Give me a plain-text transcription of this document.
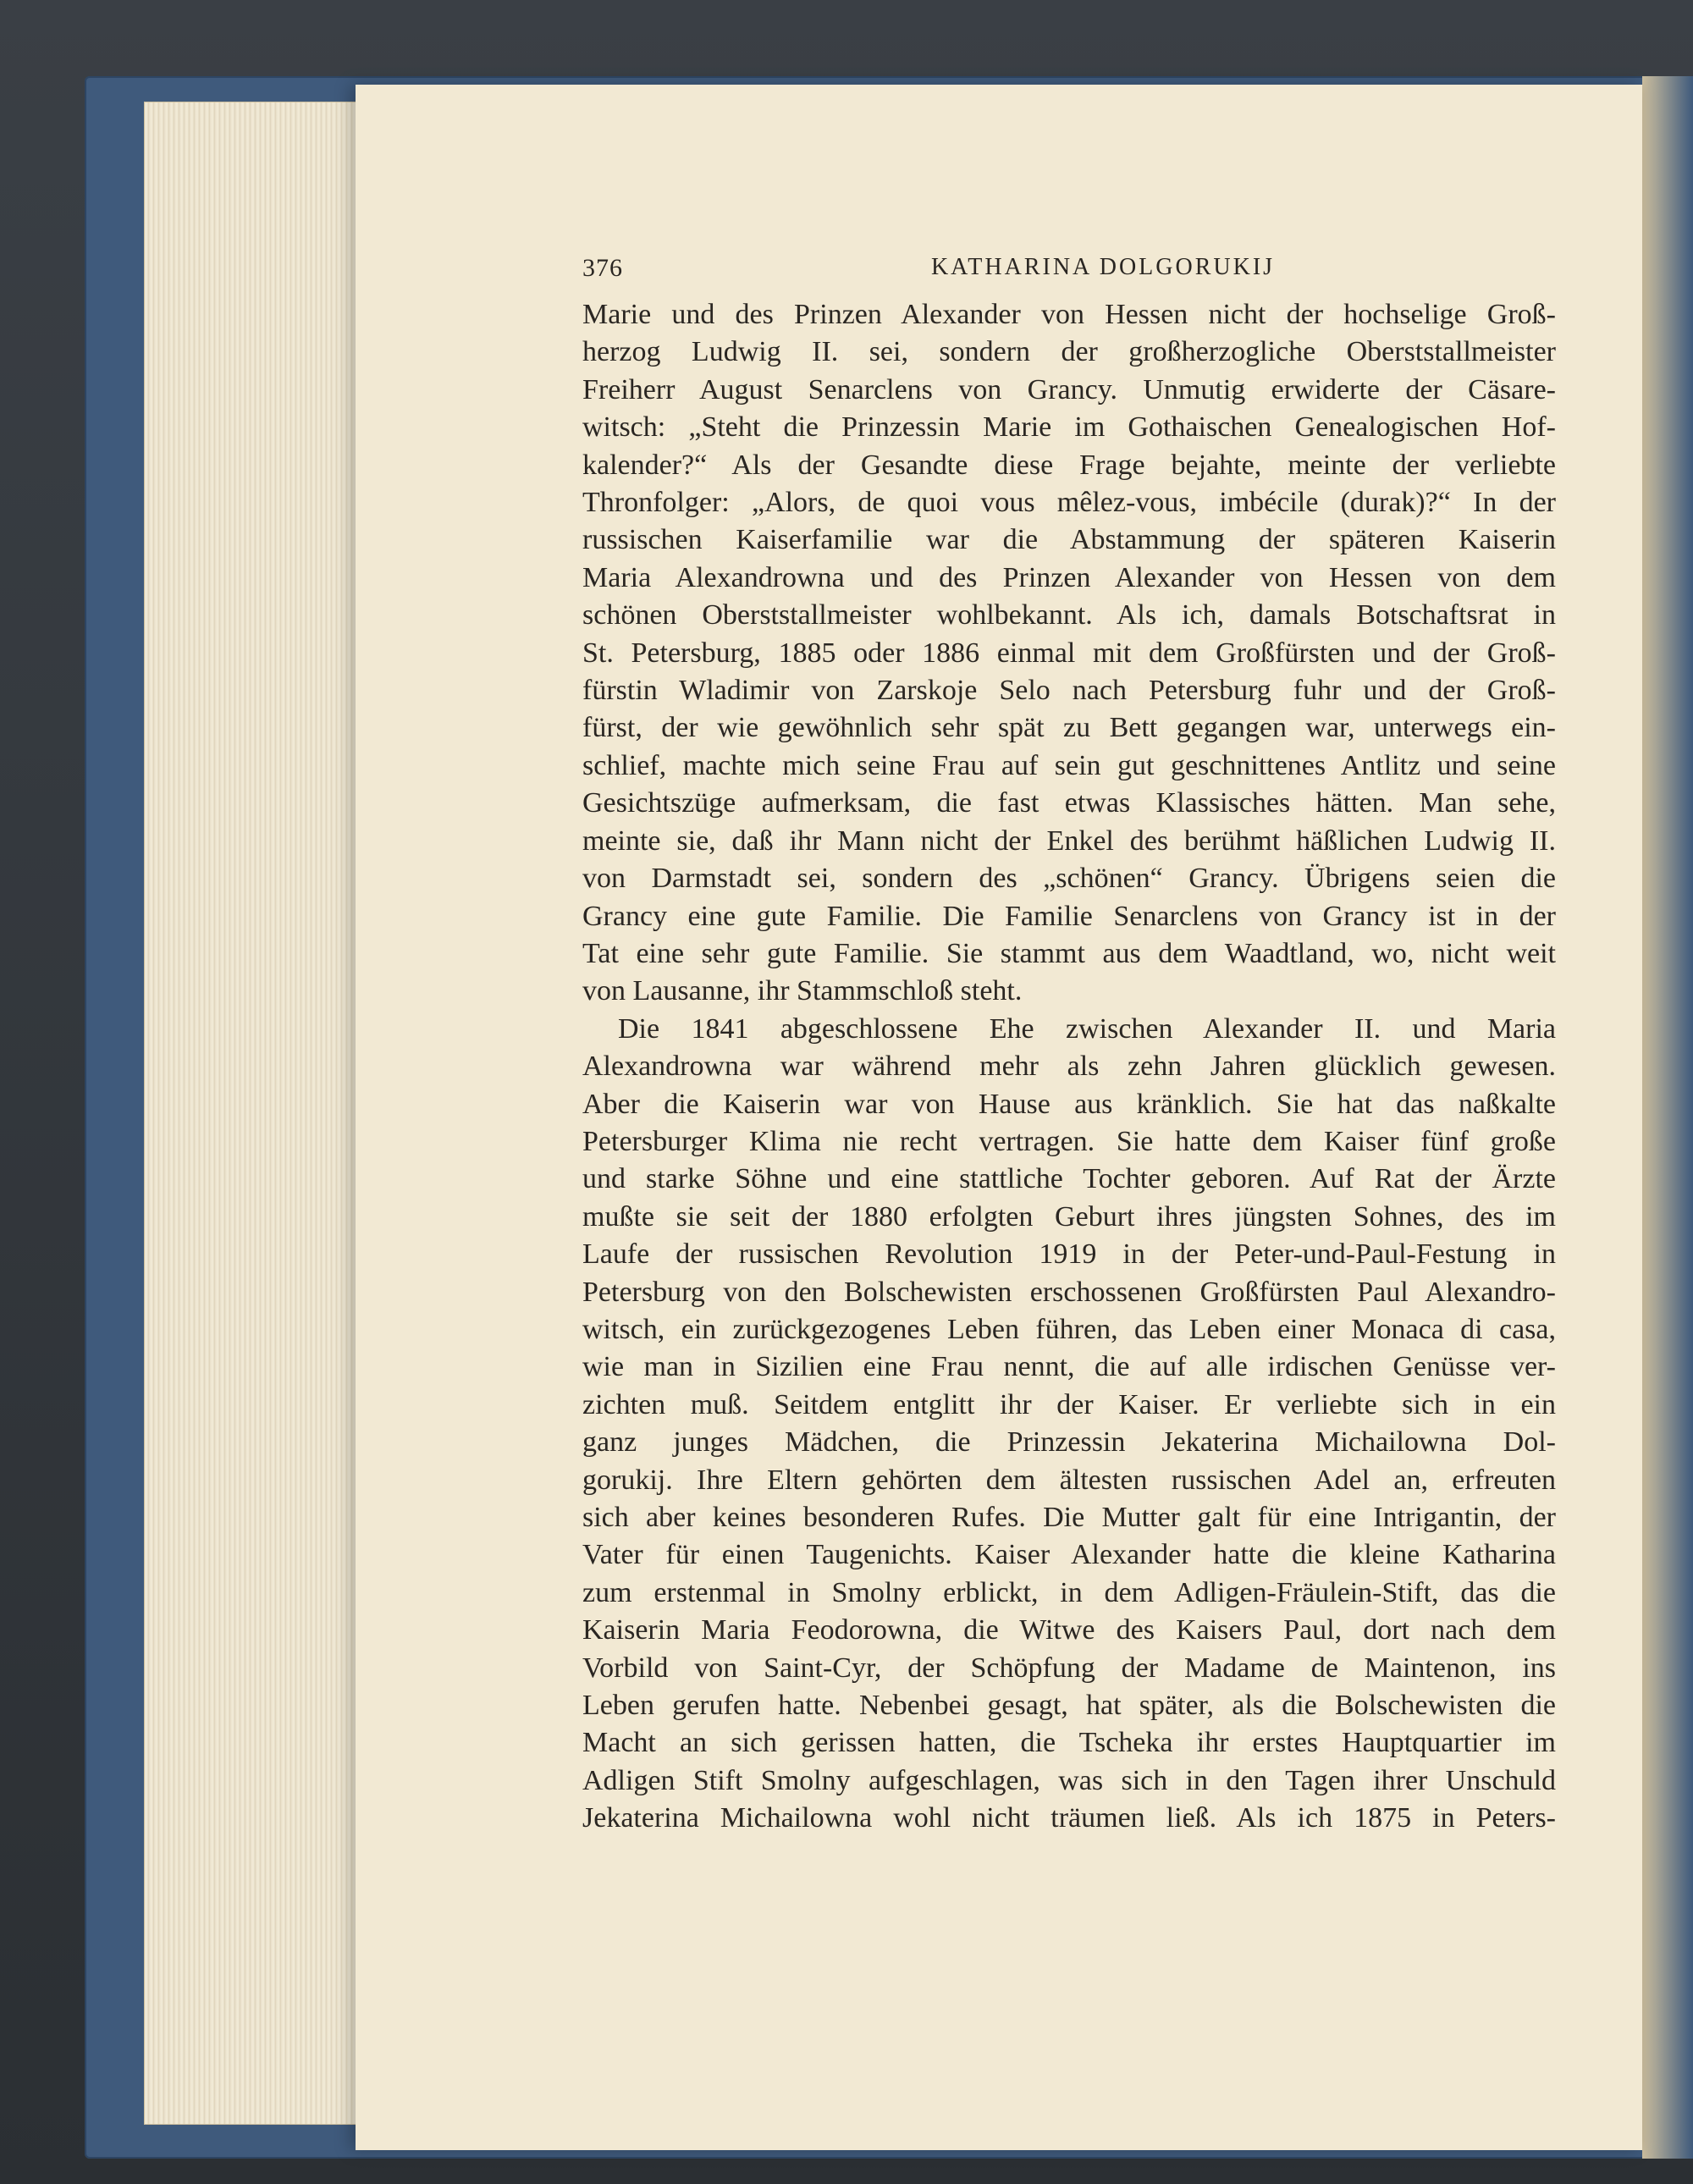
376	KATHARINA DOLGORUKIJ
Marie und des Prinzen Alexander von Hessen nicht der hochselige Groß-
herzog Ludwig II. sei, sondern der großherzogliche Oberststallmeister
Freiherr August Senarclens von Grancy. Unmutig erwiderte der Cäsare-
witsch: „Steht die Prinzessin Marie im Gothaischen Genealogischen Hof-
kalender?“ Als der Gesandte diese Frage bejahte, meinte der verliebte
Thronfolger: „Alors, de quoi vous mêlez-vous, imbécile (durak)?“ In der
russischen Kaiserfamilie war die Abstammung der späteren Kaiserin
Maria Alexandrowna und des Prinzen Alexander von Hessen von dem
schönen Oberststallmeister wohlbekannt. Als ich, damals Botschaftsrat in
St. Petersburg, 1885 oder 1886 einmal mit dem Großfürsten und der Groß-
fürstin Wladimir von Zarskoje Selo nach Petersburg fuhr und der Groß-
fürst, der wie gewöhnlich sehr spät zu Bett gegangen war, unterwegs ein-
schlief, machte mich seine Frau auf sein gut geschnittenes Antlitz und seine
Gesichtszüge aufmerksam, die fast etwas Klassisches hätten. Man sehe,
meinte sie, daß ihr Mann nicht der Enkel des berühmt häßlichen Ludwig II.
von Darmstadt sei, sondern des „schönen“ Grancy. Übrigens seien die
Grancy eine gute Familie. Die Familie Senarclens von Grancy ist in der
Tat eine sehr gute Familie. Sie stammt aus dem Waadtland, wo, nicht weit
von Lausanne, ihr Stammschloß steht.
Die 1841 abgeschlossene Ehe zwischen Alexander II. und Maria
Alexandrowna war während mehr als zehn Jahren glücklich gewesen.
Aber die Kaiserin war von Hause aus kränklich. Sie hat das naßkalte
Petersburger Klima nie recht vertragen. Sie hatte dem Kaiser fünf große
und starke Söhne und eine stattliche Tochter geboren. Auf Rat der Ärzte
mußte sie seit der 1880 erfolgten Geburt ihres jüngsten Sohnes, des im
Laufe der russischen Revolution 1919 in der Peter-und-Paul-Festung in
Petersburg von den Bolschewisten erschossenen Großfürsten Paul Alexandro-
witsch, ein zurückgezogenes Leben führen, das Leben einer Monaca di casa,
wie man in Sizilien eine Frau nennt, die auf alle irdischen Genüsse ver-
zichten muß. Seitdem entglitt ihr der Kaiser. Er verliebte sich in ein
ganz junges Mädchen, die Prinzessin Jekaterina Michailowna Dol-
gorukij. Ihre Eltern gehörten dem ältesten russischen Adel an, erfreuten
sich aber keines besonderen Rufes. Die Mutter galt für eine Intrigantin, der
Vater für einen Taugenichts. Kaiser Alexander hatte die kleine Katharina
zum erstenmal in Smolny erblickt, in dem Adligen-Fräulein-Stift, das die
Kaiserin Maria Feodorowna, die Witwe des Kaisers Paul, dort nach dem
Vorbild von Saint-Cyr, der Schöpfung der Madame de Maintenon, ins
Leben gerufen hatte. Nebenbei gesagt, hat später, als die Bolschewisten die
Macht an sich gerissen hatten, die Tscheka ihr erstes Hauptquartier im
Adligen Stift Smolny aufgeschlagen, was sich in den Tagen ihrer Unschuld
Jekaterina Michailowna wohl nicht träumen ließ. Als ich 1875 in Peters-
